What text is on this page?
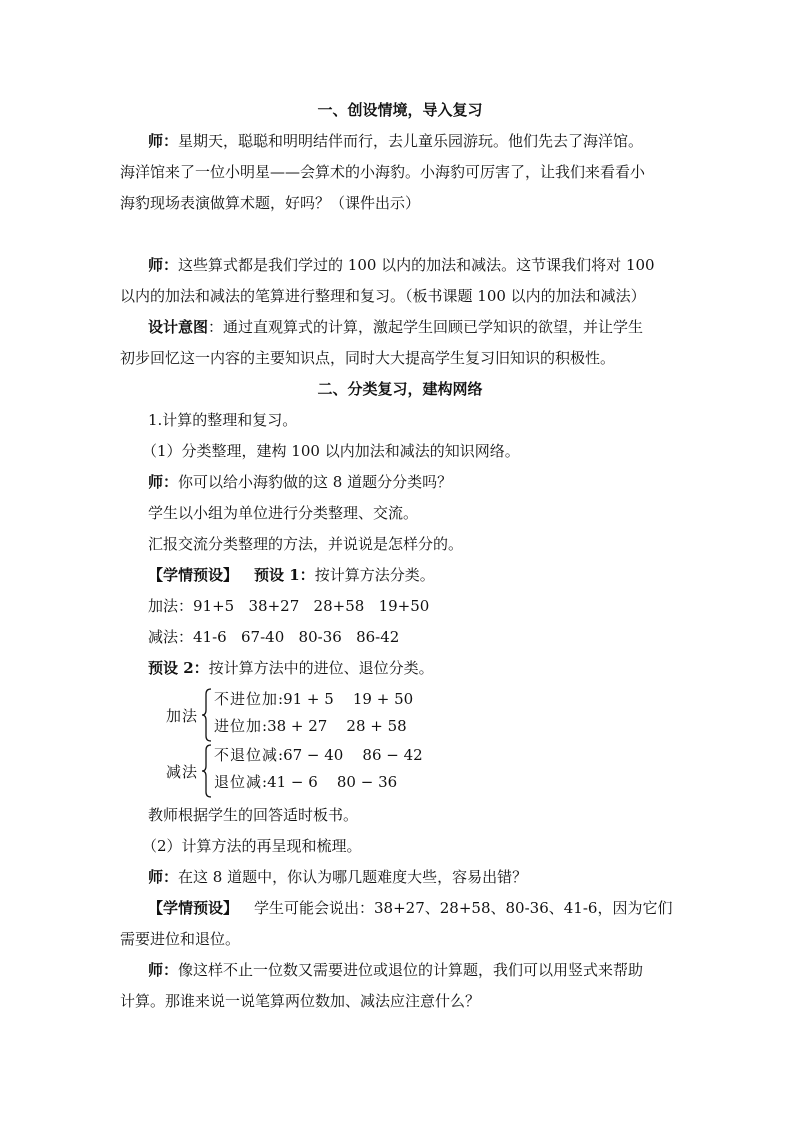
一、创设情境，导入复习
师：星期天，聪聪和明明结伴而行，去儿童乐园游玩。他们先去了海洋馆。
海洋馆来了一位小明星——会算术的小海豹。小海豹可厉害了，让我们来看看小
海豹现场表演做算术题，好吗？（课件出示）
师：这些算式都是我们学过的 100 以内的加法和减法。这节课我们将对 100
以内的加法和减法的笔算进行整理和复习。（板书课题 100 以内的加法和减法）
设计意图：通过直观算式的计算，激起学生回顾已学知识的欲望，并让学生
初步回忆这一内容的主要知识点，同时大大提高学生复习旧知识的积极性。
二、分类复习，建构网络
1.计算的整理和复习。
（1）分类整理，建构 100 以内加法和减法的知识网络。
师：你可以给小海豹做的这 8 道题分分类吗？
学生以小组为单位进行分类整理、交流。
汇报交流分类整理的方法，并说说是怎样分的。
【学情预设】 预设 1：按计算方法分类。
加法：91+5   38+27   28+58   19+50
减法：41-6   67-40   80-36   86-42
预设 2：按计算方法中的进位、退位分类。
加法
不进位加:91 + 5    19 + 50
进位加:38 + 27    28 + 58
减法
不退位减:67 − 40    86 − 42
退位减:41 − 6    80 − 36
教师根据学生的回答适时板书。
（2）计算方法的再呈现和梳理。
师：在这 8 道题中，你认为哪几题难度大些，容易出错？
【学情预设】 学生可能会说出：38+27、28+58、80-36、41-6，因为它们
需要进位和退位。
师：像这样不止一位数又需要进位或退位的计算题，我们可以用竖式来帮助
计算。那谁来说一说笔算两位数加、减法应注意什么？
